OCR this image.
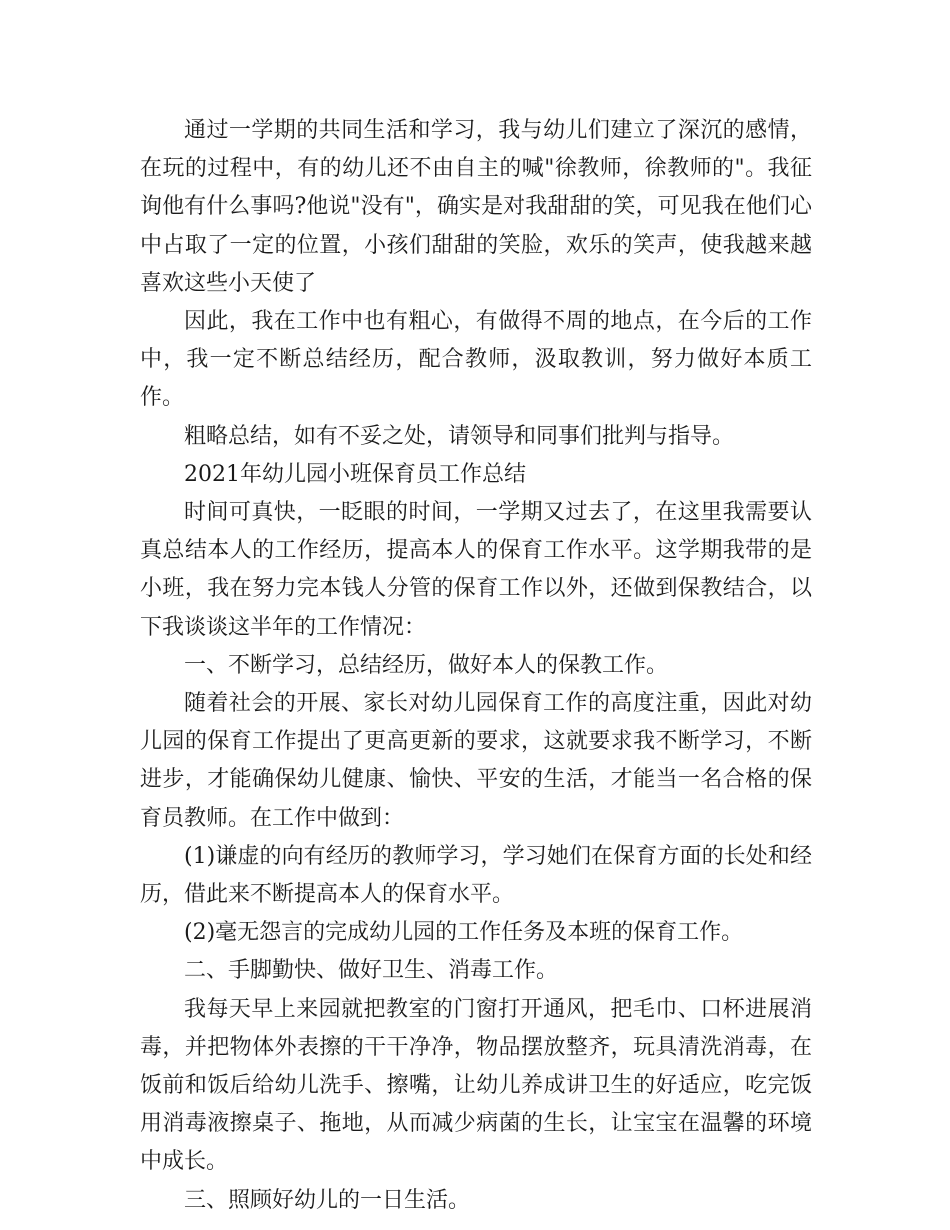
通过一学期的共同生活和学习，我与幼儿们建立了深沉的感情，在玩的过程中，有的幼儿还不由自主的喊"徐教师，徐教师的"。我征询他有什么事吗?他说"没有"，确实是对我甜甜的笑，可见我在他们心中占取了一定的位置，小孩们甜甜的笑脸，欢乐的笑声，使我越来越喜欢这些小天使了

因此，我在工作中也有粗心，有做得不周的地点，在今后的工作中，我一定不断总结经历，配合教师，汲取教训，努力做好本质工作。

粗略总结，如有不妥之处，请领导和同事们批判与指导。

2021年幼儿园小班保育员工作总结

时间可真快，一眨眼的时间，一学期又过去了，在这里我需要认真总结本人的工作经历，提高本人的保育工作水平。这学期我带的是小班，我在努力完本钱人分管的保育工作以外，还做到保教结合，以下我谈谈这半年的工作情况：

一、不断学习，总结经历，做好本人的保教工作。

随着社会的开展、家长对幼儿园保育工作的高度注重，因此对幼儿园的保育工作提出了更高更新的要求，这就要求我不断学习，不断进步，才能确保幼儿健康、愉快、平安的生活，才能当一名合格的保育员教师。在工作中做到：

(1)谦虚的向有经历的教师学习，学习她们在保育方面的长处和经历，借此来不断提高本人的保育水平。

(2)毫无怨言的完成幼儿园的工作任务及本班的保育工作。

二、手脚勤快、做好卫生、消毒工作。

我每天早上来园就把教室的门窗打开通风，把毛巾、口杯进展消毒，并把物体外表擦的干干净净，物品摆放整齐，玩具清洗消毒，在饭前和饭后给幼儿洗手、擦嘴，让幼儿养成讲卫生的好适应，吃完饭用消毒液擦桌子、拖地，从而减少病菌的生长，让宝宝在温馨的环境中成长。

三、照顾好幼儿的一日生活。
